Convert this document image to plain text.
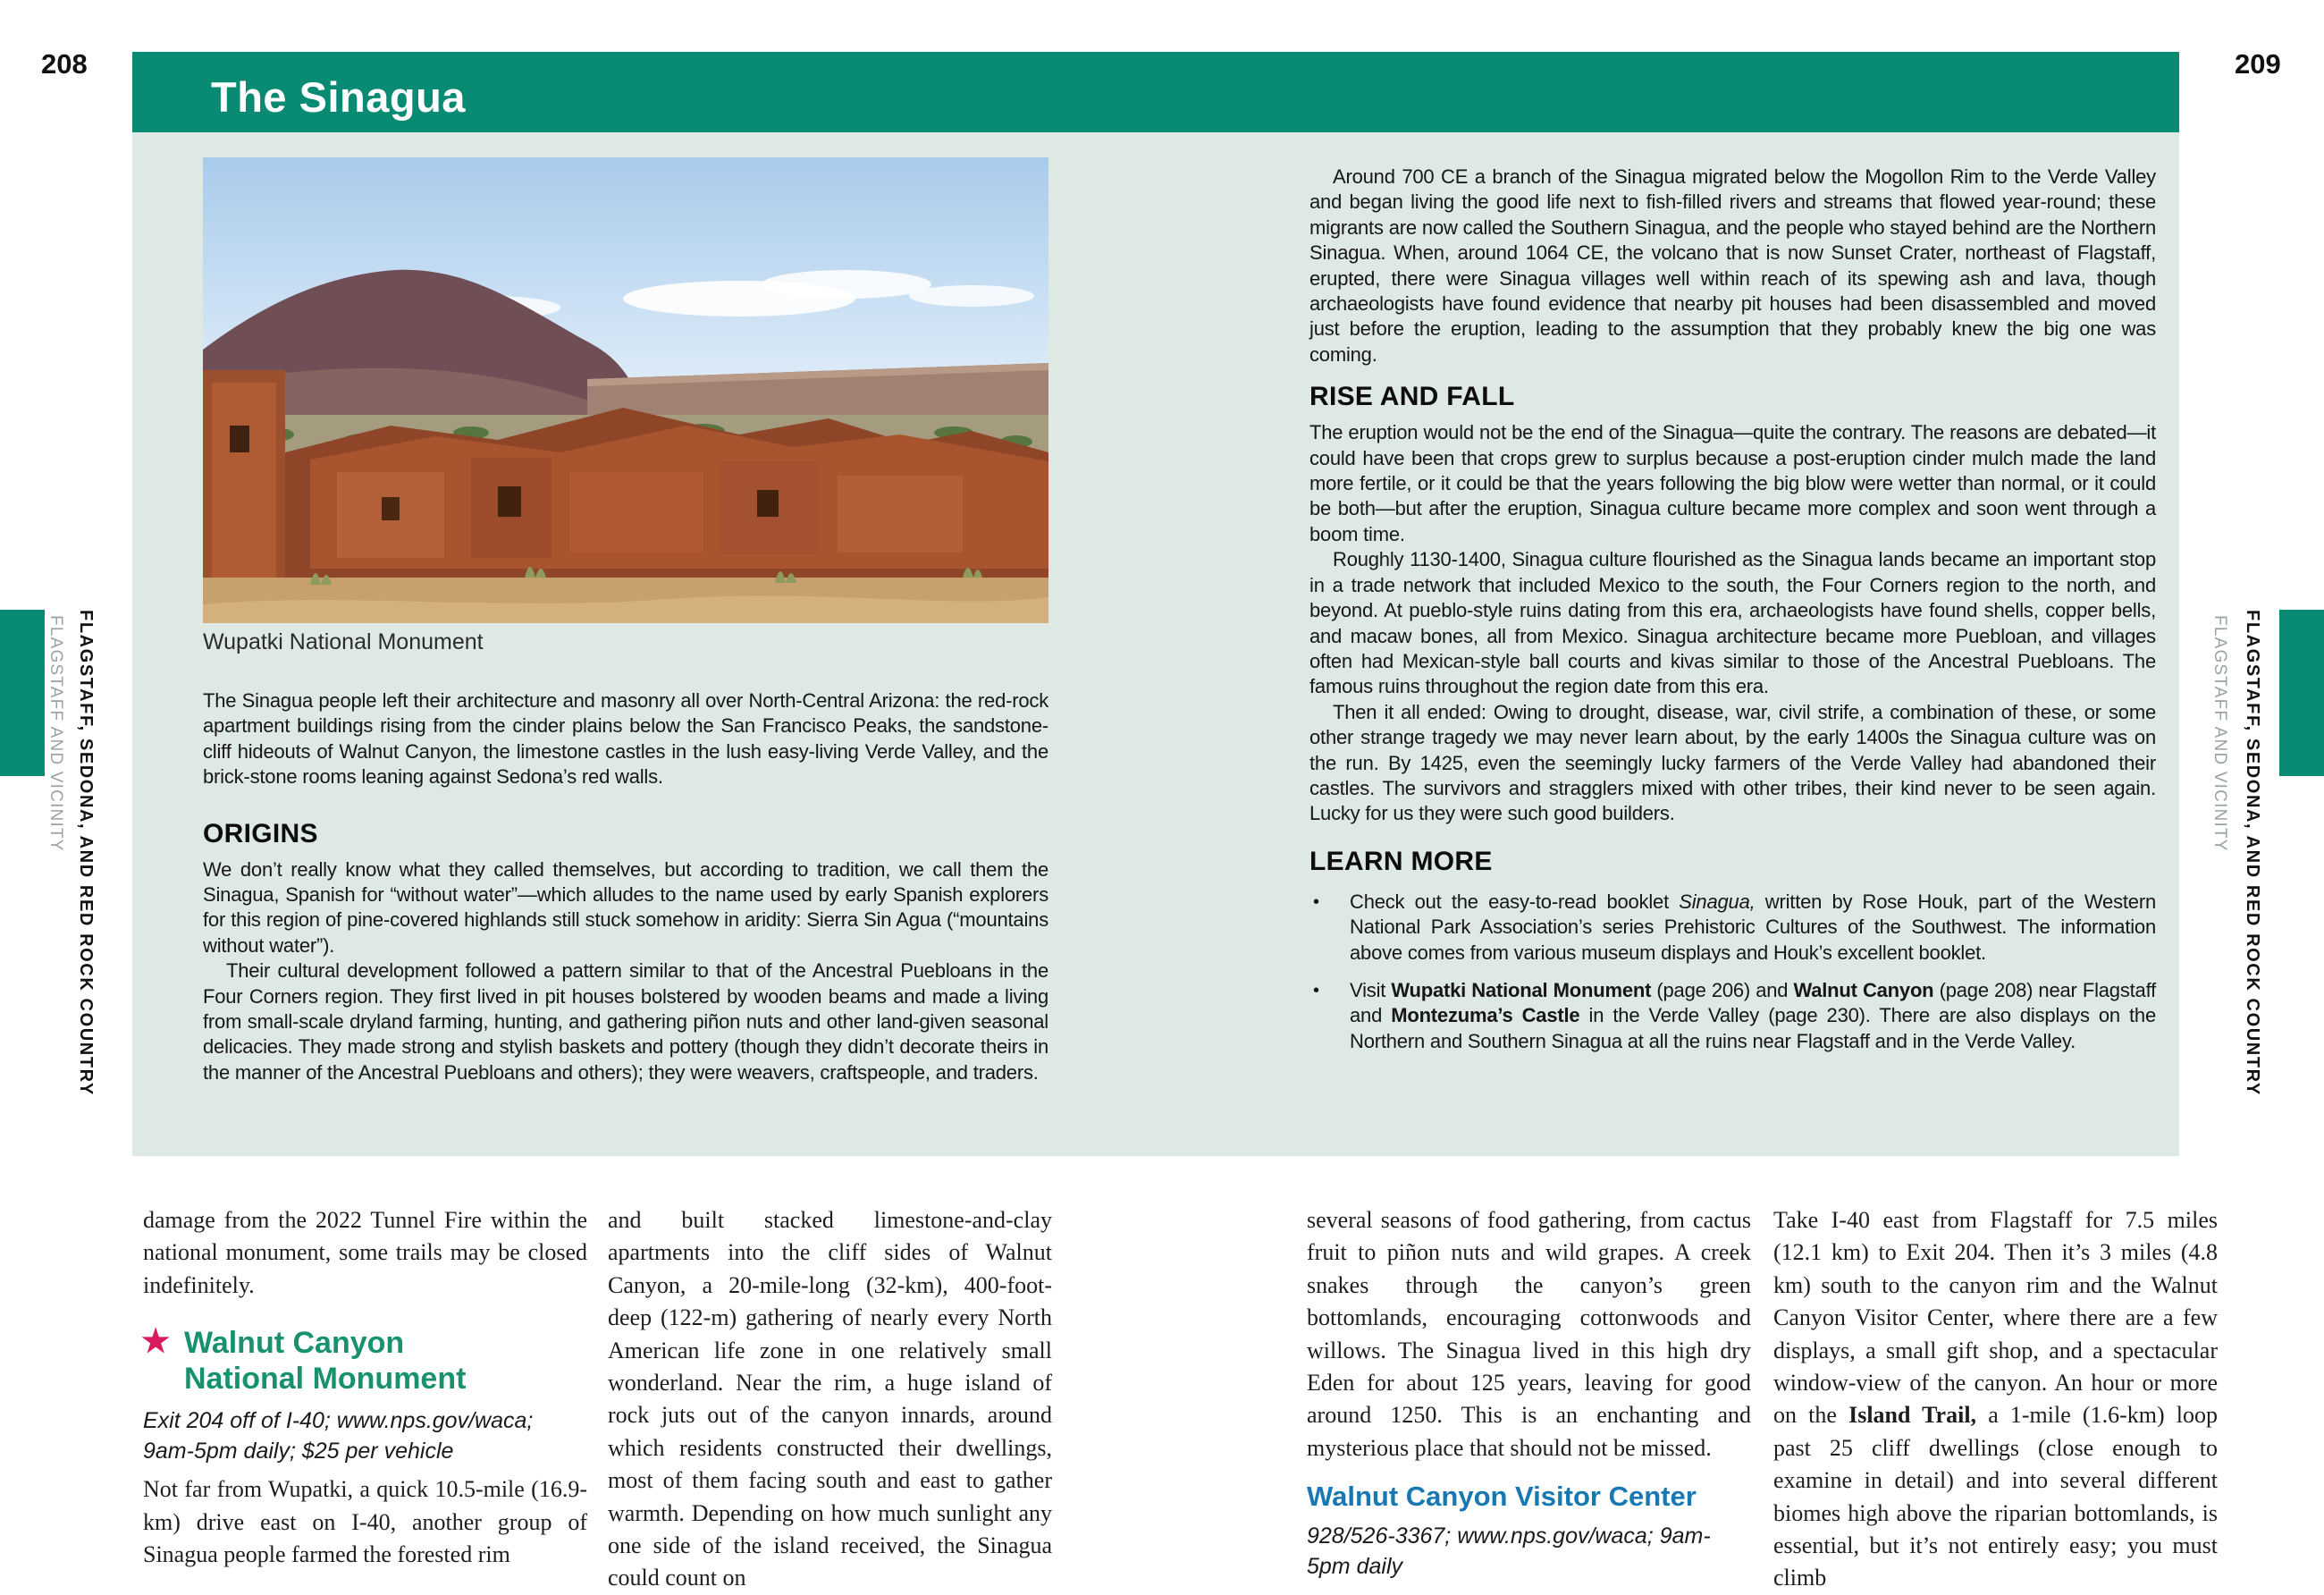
208	209
The Sinagua
Wupatki National Monument

The Sinagua people left their architecture and masonry all over North-Central Arizona: the red-rock apartment buildings rising from the cinder plains below the San Francisco Peaks, the sandstone-cliff hideouts of Walnut Canyon, the limestone castles in the lush easy-living Verde Valley, and the brick-stone rooms leaning against Sedona’s red walls.

ORIGINS

We don’t really know what they called themselves, but according to tradition, we call them the Sinagua, Spanish for “without water”—which alludes to the name used by early Spanish explorers for this region of pine-covered highlands still stuck somehow in aridity: Sierra Sin Agua (“mountains without water”).

Their cultural development followed a pattern similar to that of the Ancestral Puebloans in the Four Corners region. They first lived in pit houses bolstered by wooden beams and made a living from small-scale dryland farming, hunting, and gathering piñon nuts and other land-given seasonal delicacies. They made strong and stylish baskets and pottery (though they didn’t decorate theirs in the manner of the Ancestral Puebloans and others); they were weavers, craftspeople, and traders.

Around 700 CE a branch of the Sinagua migrated below the Mogollon Rim to the Verde Valley and began living the good life next to fish-filled rivers and streams that flowed year-round; these migrants are now called the Southern Sinagua, and the people who stayed behind are the Northern Sinagua. When, around 1064 CE, the volcano that is now Sunset Crater, northeast of Flagstaff, erupted, there were Sinagua villages well within reach of its spewing ash and lava, though archaeologists have found evidence that nearby pit houses had been disassembled and moved just before the eruption, leading to the assumption that they probably knew the big one was coming.

RISE AND FALL

The eruption would not be the end of the Sinagua—quite the contrary. The reasons are debated—it could have been that crops grew to surplus because a post-eruption cinder mulch made the land more fertile, or it could be that the years following the big blow were wetter than normal, or it could be both—but after the eruption, Sinagua culture became more complex and soon went through a boom time.

Roughly 1130-1400, Sinagua culture flourished as the Sinagua lands became an important stop in a trade network that included Mexico to the south, the Four Corners region to the north, and beyond. At pueblo-style ruins dating from this era, archaeologists have found shells, copper bells, and macaw bones, all from Mexico. Sinagua architecture became more Puebloan, and villages often had Mexican-style ball courts and kivas similar to those of the Ancestral Puebloans. The famous ruins throughout the region date from this era.

Then it all ended: Owing to drought, disease, war, civil strife, a combination of these, or some other strange tragedy we may never learn about, by the early 1400s the Sinagua culture was on the run. By 1425, even the seemingly lucky farmers of the Verde Valley had abandoned their castles. The survivors and stragglers mixed with other tribes, their kind never to be seen again. Lucky for us they were such good builders.

LEARN MORE
• Check out the easy-to-read booklet Sinagua, written by Rose Houk, part of the Western National Park Association’s series Prehistoric Cultures of the Southwest. The information above comes from various museum displays and Houk’s excellent booklet.
• Visit Wupatki National Monument (page 206) and Walnut Canyon (page 208) near Flagstaff and Montezuma’s Castle in the Verde Valley (page 230). There are also displays on the Northern and Southern Sinagua at all the ruins near Flagstaff and in the Verde Valley.
FLAGSTAFF AND VICINITY FLAGSTAFF, SEDONA, AND RED ROCK COUNTRY	FLAGSTAFF, SEDONA, AND RED ROCK COUNTRY
FLAGSTAFF AND VICINITY

damage from the 2022 Tunnel Fire within the national monument, some trails may be closed indefinitely.

★ Walnut Canyon National Monument

Exit 204 off of I-40; www.nps.gov/waca; 9am-5pm daily; $25 per vehicle

Not far from Wupatki, a quick 10.5-mile (16.9-km) drive east on I-40, another group of Sinagua people farmed the forested rim

and built stacked limestone-and-clay apartments into the cliff sides of Walnut Canyon, a 20-mile-long (32-km), 400-foot-deep (122-m) gathering of nearly every North American life zone in one relatively small wonderland. Near the rim, a huge island of rock juts out of the canyon innards, around which residents constructed their dwellings, most of them facing south and east to gather warmth. Depending on how much sunlight any one side of the island received, the Sinagua could count on

several seasons of food gathering, from cactus fruit to piñon nuts and wild grapes. A creek snakes through the canyon’s green bottomlands, encouraging cottonwoods and willows. The Sinagua lived in this high dry Eden for about 125 years, leaving for good around 1250. This is an enchanting and mysterious place that should not be missed.

Walnut Canyon Visitor Center

928/526-3367; www.nps.gov/waca; 9am-5pm daily

Take I-40 east from Flagstaff for 7.5 miles (12.1 km) to Exit 204. Then it’s 3 miles (4.8 km) south to the canyon rim and the Walnut Canyon Visitor Center, where there are a few displays, a small gift shop, and a spectacular window-view of the canyon. An hour or more on the Island Trail, a 1-mile (1.6-km) loop past 25 cliff dwellings (close enough to examine in detail) and into several different biomes high above the riparian bottomlands, is essential, but it’s not entirely easy; you must climb
